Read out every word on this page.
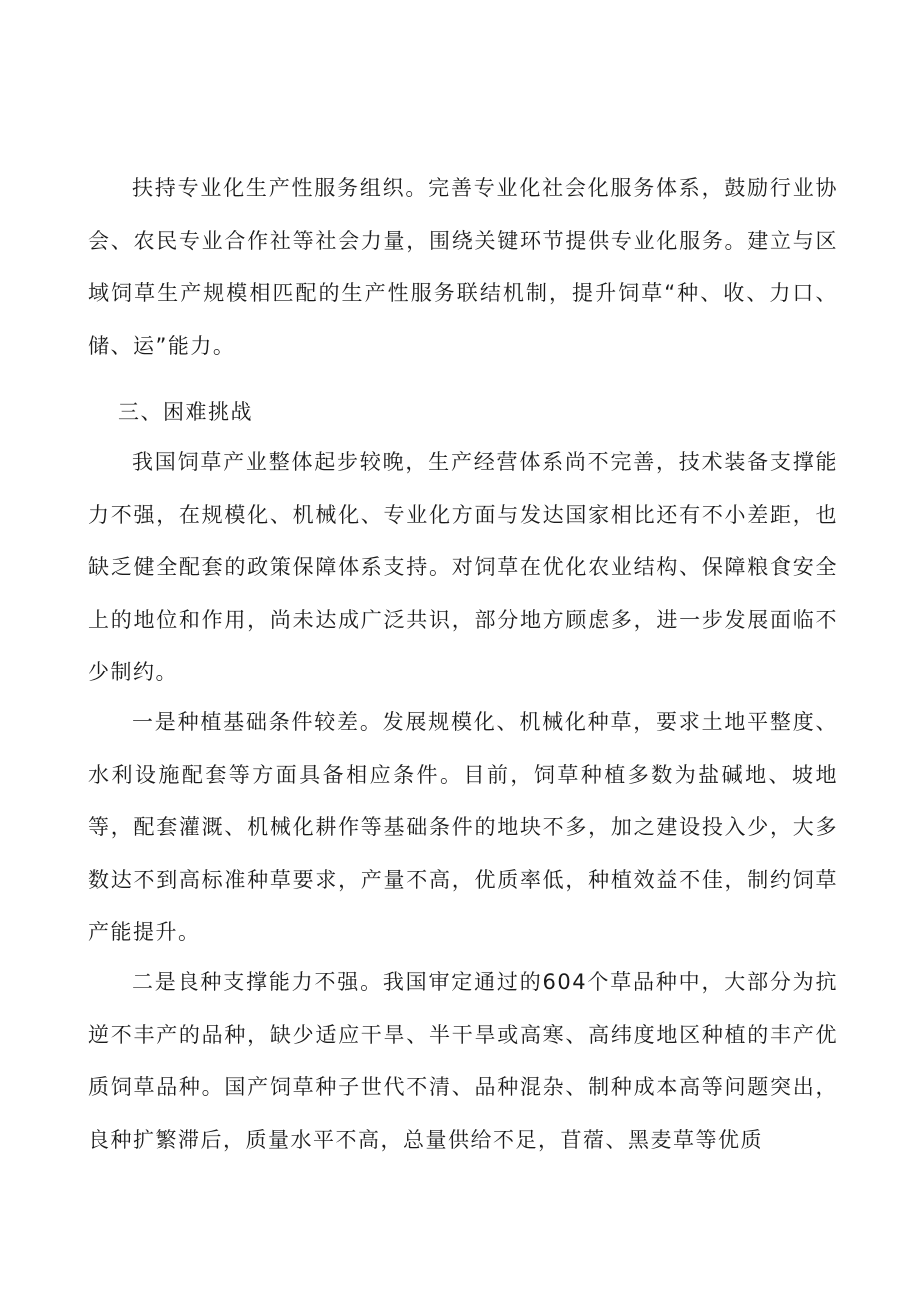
扶持专业化生产性服务组织。完善专业化社会化服务体系，鼓励行业协会、农民专业合作社等社会力量，围绕关键环节提供专业化服务。建立与区域饲草生产规模相匹配的生产性服务联结机制，提升饲草“种、收、力口、储、运”能力。

三、困难挑战

我国饲草产业整体起步较晚，生产经营体系尚不完善，技术装备支撑能力不强，在规模化、机械化、专业化方面与发达国家相比还有不小差距，也缺乏健全配套的政策保障体系支持。对饲草在优化农业结构、保障粮食安全上的地位和作用，尚未达成广泛共识，部分地方顾虑多，进一步发展面临不少制约。

一是种植基础条件较差。发展规模化、机械化种草，要求土地平整度、水利设施配套等方面具备相应条件。目前，饲草种植多数为盐碱地、坡地等，配套灌溉、机械化耕作等基础条件的地块不多，加之建设投入少，大多数达不到高标准种草要求，产量不高，优质率低，种植效益不佳，制约饲草产能提升。

二是良种支撑能力不强。我国审定通过的604个草品种中，大部分为抗逆不丰产的品种，缺少适应干旱、半干旱或高寒、高纬度地区种植的丰产优质饲草品种。国产饲草种子世代不清、品种混杂、制种成本高等问题突出，良种扩繁滞后，质量水平不高，总量供给不足，苜蓿、黑麦草等优质
